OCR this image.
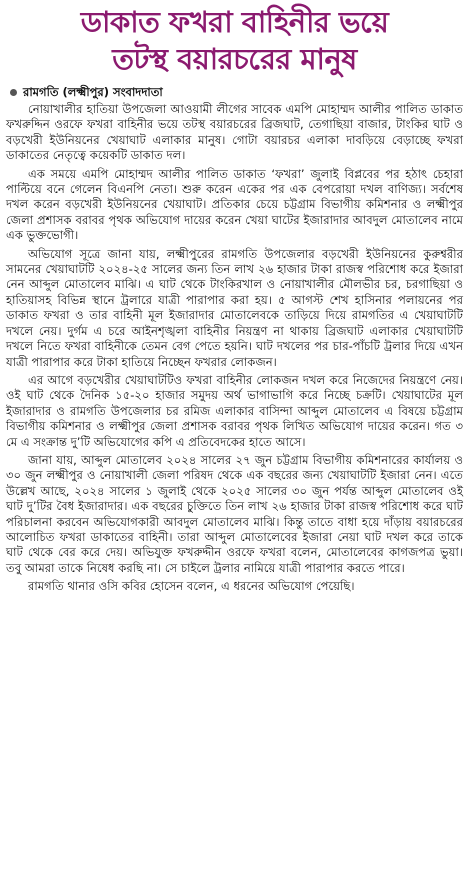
ডাকাত ফখরা বাহিনীর ভয়ে
তটস্থ বয়ারচরের মানুষ
রামগতি (লক্ষ্মীপুর) সংবাদদাতা

নোয়াখালীর হাতিয়া উপজেলা আওয়ামী লীগের সাবেক এমপি মোহাম্মদ আলীর পালিত ডাকাত ফখরুদ্দিন ওরফে ফখরা বাহিনীর ভয়ে তটস্থ বয়ারচরের ব্রিজঘাট, তেগাছিয়া বাজার, টাংকির ঘাট ও বড়খেরী ইউনিয়নের খেয়াঘাট এলাকার মানুষ। গোটা বয়ারচর এলাকা দাবড়িয়ে বেড়াচ্ছে ফখরা ডাকাতের নেতৃত্বে কয়েকটি ডাকাত দল।

এক সময়ে এমপি মোহাম্মদ আলীর পালিত ডাকাত ‘ফখরা’ জুলাই বিপ্লবের পর হঠাৎ চেহারা পাল্টিয়ে বনে গেলেন বিএনপি নেতা। শুরু করেন একের পর এক বেপরোয়া দখল বাণিজ্য। সর্বশেষ দখল করেন বড়খেরী ইউনিয়নের খেয়াঘাট। প্রতিকার চেয়ে চট্টগ্রাম বিভাগীয় কমিশনার ও লক্ষ্মীপুর জেলা প্রশাসক বরাবর পৃথক অভিযোগ দায়ের করেন খেয়া ঘাটের ইজারাদার আবদুল মোতালেব নামে এক ভুক্তভোগী।

অভিযোগ সূত্রে জানা যায়, লক্ষ্মীপুরের রামগতি উপজেলার বড়খেরী ইউনিয়নের কুরুশ্বরীর সামনের খেয়াঘাটটি ২০২৪-২৫ সালের জন্য তিন লাখ ২৬ হাজার টাকা রাজস্ব পরিশোধ করে ইজারা নেন আব্দুল মোতালেব মাঝি। এ ঘাট থেকে টাংকিরখাল ও নোয়াখালীর মৌলভীর চর, চরগাছিয়া ও হাতিয়াসহ বিভিন্ন স্থানে ট্রলারে যাত্রী পারাপার করা হয়। ৫ আগস্ট শেখ হাসিনার পলায়নের পর ডাকাত ফখরা ও তার বাহিনী মূল ইজারাদার মোতালেবকে তাড়িয়ে দিয়ে রামগতির এ খেয়াঘাটটি দখলে নেয়। দুর্গম এ চরে আইনশৃঙ্খলা বাহিনীর নিয়ন্ত্রণ না থাকায় ব্রিজঘাট এলাকার খেয়াঘাটটি দখলে নিতে ফখরা বাহিনীকে তেমন বেগ পেতে হয়নি। ঘাট দখলের পর চার-পাঁচটি ট্রলার দিয়ে এখন যাত্রী পারাপার করে টাকা হাতিয়ে নিচ্ছেন ফখরার লোকজন।

এর আগে বড়খেরীর খেয়াঘাটটিও ফখরা বাহিনীর লোকজন দখল করে নিজেদের নিয়ন্ত্রণে নেয়। ওই ঘাট থেকে দৈনিক ১৫-২০ হাজার সমুদয় অর্থ ভাগাভাগি করে নিচ্ছে চক্রটি। খেয়াঘাটের মূল ইজারাদার ও রামগতি উপজেলার চর রমিজ এলাকার বাসিন্দা আব্দুল মোতালেব এ বিষয়ে চট্টগ্রাম বিভাগীয় কমিশনার ও লক্ষ্মীপুর জেলা প্রশাসক বরাবর পৃথক লিখিত অভিযোগ দায়ের করেন। গত ৩ মে এ সংক্রান্ত দু’টি অভিযোগের কপি এ প্রতিবেদকের হাতে আসে।

জানা যায়, আব্দুল মোতালেব ২০২৪ সালের ২৭ জুন চট্টগ্রাম বিভাগীয় কমিশনারের কার্যালয় ও ৩০ জুন লক্ষ্মীপুর ও নোয়াখালী জেলা পরিষদ থেকে এক বছরের জন্য খেয়াঘাটটি ইজারা নেন। এতে উল্লেখ আছে, ২০২৪ সালের ১ জুলাই থেকে ২০২৫ সালের ৩০ জুন পর্যন্ত আব্দুল মোতালেব ওই ঘাট দু’টির বৈধ ইজারাদার। এক বছরের চুক্তিতে তিন লাখ ২৬ হাজার টাকা রাজস্ব পরিশোধ করে ঘাট পরিচালনা করবেন অভিযোগকারী আবদুল মোতালেব মাঝি। কিন্তু তাতে বাধা হয়ে দাঁড়ায় বয়ারচরের আলোচিত ফখরা ডাকাতের বাহিনী। তারা আব্দুল মোতালেবের ইজারা নেয়া ঘাট দখল করে তাকে ঘাট থেকে বের করে দেয়। অভিযুক্ত ফখরুদ্দীন ওরফে ফখরা বলেন, মোতালেবের কাগজপত্র ভুয়া। তবু আমরা তাকে নিষেধ করছি না। সে চাইলে ট্রলার নামিয়ে যাত্রী পারাপার করতে পারে।

রামগতি থানার ওসি কবির হোসেন বলেন, এ ধরনের অভিযোগ পেয়েছি।
